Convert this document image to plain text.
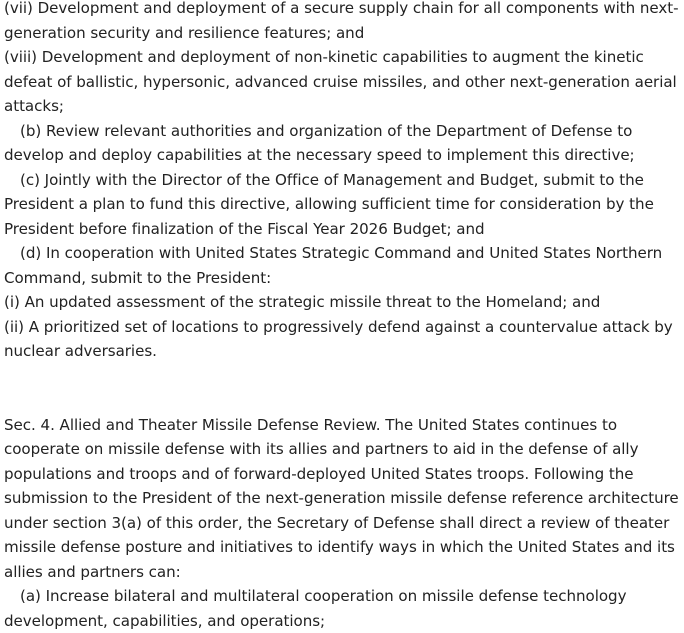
(vii) Development and deployment of a secure supply chain for all components with next-generation security and resilience features; and

(viii) Development and deployment of non-kinetic capabilities to augment the kinetic defeat of ballistic, hypersonic, advanced cruise missiles, and other next-generation aerial attacks;

(b) Review relevant authorities and organization of the Department of Defense to develop and deploy capabilities at the necessary speed to implement this directive;

(c) Jointly with the Director of the Office of Management and Budget, submit to the President a plan to fund this directive, allowing sufficient time for consideration by the President before finalization of the Fiscal Year 2026 Budget; and

(d) In cooperation with United States Strategic Command and United States Northern Command, submit to the President:

(i) An updated assessment of the strategic missile threat to the Homeland; and

(ii) A prioritized set of locations to progressively defend against a countervalue attack by nuclear adversaries.

Sec. 4. Allied and Theater Missile Defense Review. The United States continues to cooperate on missile defense with its allies and partners to aid in the defense of ally populations and troops and of forward-deployed United States troops. Following the submission to the President of the next-generation missile defense reference architecture under section 3(a) of this order, the Secretary of Defense shall direct a review of theater missile defense posture and initiatives to identify ways in which the United States and its allies and partners can:

(a) Increase bilateral and multilateral cooperation on missile defense technology development, capabilities, and operations;
